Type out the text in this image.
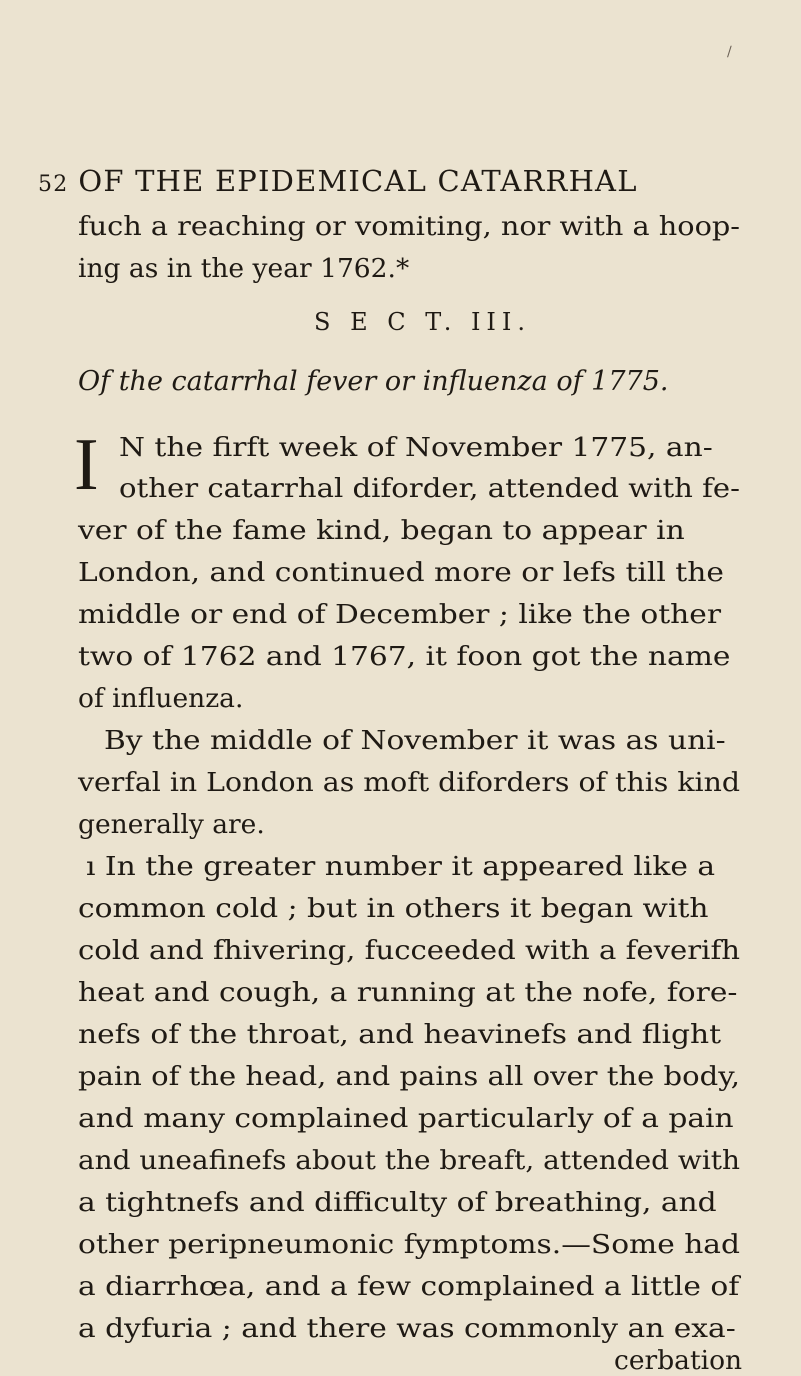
∕
52 OF THE EPIDEMICAL CATARRHAL
fuch a reaching or vomiting, nor with a hoop-
ing as in the year 1762.*
S E C T. III.
Of the catarrhal fever or influenza of 1775.
I N the firft week of November 1775, an-
other catarrhal diforder, attended with fe-
ver of the fame kind, began to appear in
London, and continued more or lefs till the
middle or end of December ; like the other
two of 1762 and 1767, it foon got the name
of influenza.
By the middle of November it was as uni-
verfal in London as moft diforders of this kind
generally are.
ı In the greater number it appeared like a
common cold ; but in others it began with
cold and fhivering, fucceeded with a feverifh
heat and cough, a running at the nofe, fore-
nefs of the throat, and heavinefs and flight
pain of the head, and pains all over the body,
and many complained particularly of a pain
and uneafinefs about the breaft, attended with
a tightnefs and difficulty of breathing, and
other peripneumonic fymptoms.—Some had
a diarrhœa, and a few complained a little of
a dyfuria ; and there was commonly an exa-
cerbation
